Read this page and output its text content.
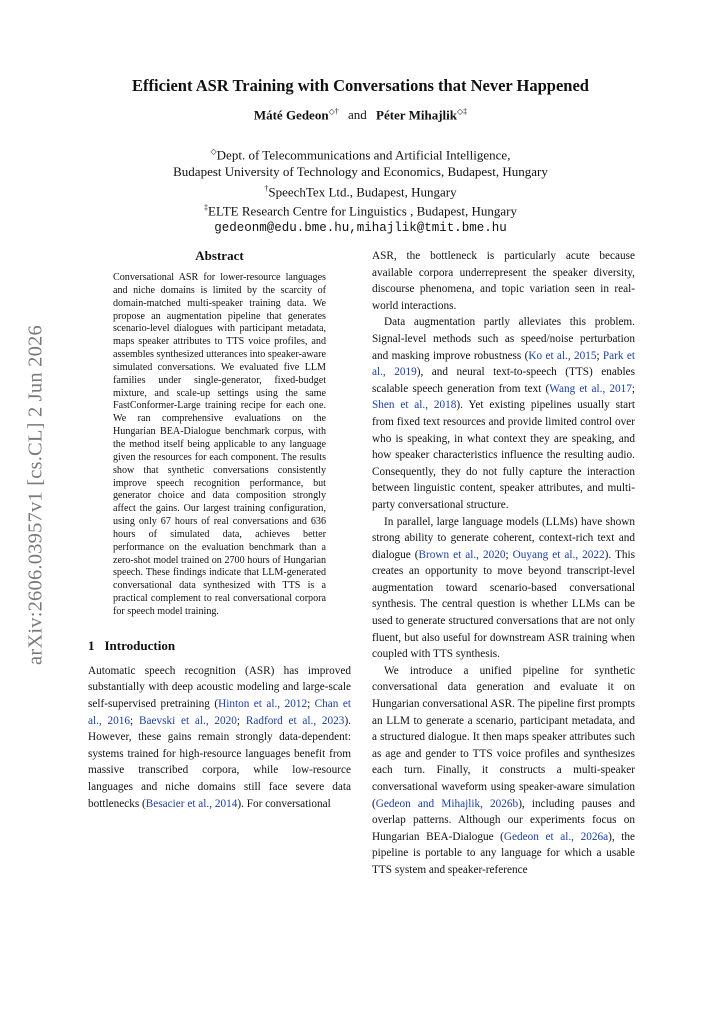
arXiv:2606.03957v1 [cs.CL] 2 Jun 2026
Efficient ASR Training with Conversations that Never Happened
Máté Gedeon◇† and Péter Mihajlik◇‡
◇Dept. of Telecommunications and Artificial Intelligence,
Budapest University of Technology and Economics, Budapest, Hungary
†SpeechTex Ltd., Budapest, Hungary
‡ELTE Research Centre for Linguistics , Budapest, Hungary
gedeonm@edu.bme.hu,mihajlik@tmit.bme.hu
Abstract
Conversational ASR for lower-resource languages and niche domains is limited by the scarcity of domain-matched multi-speaker training data. We propose an augmentation pipeline that generates scenario-level dialogues with participant metadata, maps speaker attributes to TTS voice profiles, and assembles synthesized utterances into speaker-aware simulated conversations. We evaluated five LLM families under single-generator, fixed-budget mixture, and scale-up settings using the same FastConformer-Large training recipe for each one. We ran comprehensive evaluations on the Hungarian BEA-Dialogue benchmark corpus, with the method itself being applicable to any language given the resources for each component. The results show that synthetic conversations consistently improve speech recognition performance, but generator choice and data composition strongly affect the gains. Our largest training configuration, using only 67 hours of real conversations and 636 hours of simulated data, achieves better performance on the evaluation benchmark than a zero-shot model trained on 2700 hours of Hungarian speech. These findings indicate that LLM-generated conversational data synthesized with TTS is a practical complement to real conversational corpora for speech model training.
1 Introduction

Automatic speech recognition (ASR) has improved substantially with deep acoustic modeling and large-scale self-supervised pretraining (Hinton et al., 2012; Chan et al., 2016; Baevski et al., 2020; Radford et al., 2023). However, these gains remain strongly data-dependent: systems trained for high-resource languages benefit from massive transcribed corpora, while low-resource languages and niche domains still face severe data bottlenecks (Besacier et al., 2014). For conversational

ASR, the bottleneck is particularly acute because available corpora underrepresent the speaker diversity, discourse phenomena, and topic variation seen in real-world interactions.

Data augmentation partly alleviates this problem. Signal-level methods such as speed/noise perturbation and masking improve robustness (Ko et al., 2015; Park et al., 2019), and neural text-to-speech (TTS) enables scalable speech generation from text (Wang et al., 2017; Shen et al., 2018). Yet existing pipelines usually start from fixed text resources and provide limited control over who is speaking, in what context they are speaking, and how speaker characteristics influence the resulting audio. Consequently, they do not fully capture the interaction between linguistic content, speaker attributes, and multi-party conversational structure.

In parallel, large language models (LLMs) have shown strong ability to generate coherent, context-rich text and dialogue (Brown et al., 2020; Ouyang et al., 2022). This creates an opportunity to move beyond transcript-level augmentation toward scenario-based conversational synthesis. The central question is whether LLMs can be used to generate structured conversations that are not only fluent, but also useful for downstream ASR training when coupled with TTS synthesis.

We introduce a unified pipeline for synthetic conversational data generation and evaluate it on Hungarian conversational ASR. The pipeline first prompts an LLM to generate a scenario, participant metadata, and a structured dialogue. It then maps speaker attributes such as age and gender to TTS voice profiles and synthesizes each turn. Finally, it constructs a multi-speaker conversational waveform using speaker-aware simulation (Gedeon and Mihajlik, 2026b), including pauses and overlap patterns. Although our experiments focus on Hungarian BEA-Dialogue (Gedeon et al., 2026a), the pipeline is portable to any language for which a usable TTS system and speaker-reference
